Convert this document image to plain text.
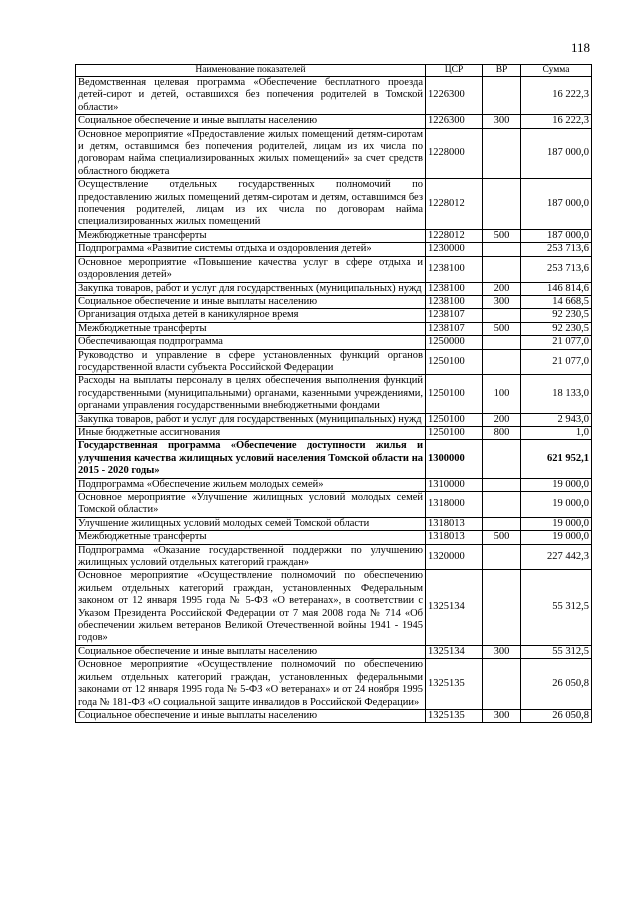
118
Наименование показателей	ЦСР	ВР	Сумма
Ведомственная целевая программа «Обеспечение бесплатного проезда детей-сирот и детей, оставшихся без попечения родителей в Томской области»	1226300		16 222,3
Социальное обеспечение и иные выплаты населению	1226300	300	16 222,3
Основное мероприятие «Предоставление жилых помещений детям-сиротам и детям, оставшимся без попечения родителей, лицам из их числа по договорам найма специализированных жилых помещений» за счет средств областного бюджета	1228000		187 000,0
Осуществление отдельных государственных полномочий по предоставлению жилых помещений детям-сиротам и детям, оставшимся без попечения родителей, лицам из их числа по договорам найма специализированных жилых помещений	1228012		187 000,0
Межбюджетные трансферты	1228012	500	187 000,0
Подпрограмма «Развитие системы отдыха и оздоровления детей»	1230000		253 713,6
Основное мероприятие «Повышение качества услуг в сфере отдыха и оздоровления детей»	1238100		253 713,6
Закупка товаров, работ и услуг для государственных (муниципальных) нужд	1238100	200	146 814,6
Социальное обеспечение и иные выплаты населению	1238100	300	14 668,5
Организация отдыха детей в каникулярное время	1238107		92 230,5
Межбюджетные трансферты	1238107	500	92 230,5
Обеспечивающая подпрограмма	1250000		21 077,0
Руководство и управление в сфере установленных функций органов государственной власти субъекта Российской Федерации	1250100		21 077,0
Расходы на выплаты персоналу в целях обеспечения выполнения функций государственными (муниципальными) органами, казенными учреждениями, органами управления государственными внебюджетными фондами	1250100	100	18 133,0
Закупка товаров, работ и услуг для государственных (муниципальных) нужд	1250100	200	2 943,0
Иные бюджетные ассигнования	1250100	800	1,0
Государственная программа «Обеспечение доступности жилья и улучшения качества жилищных условий населения Томской области на 2015 - 2020 годы»	1300000		621 952,1
Подпрограмма «Обеспечение жильем молодых семей»	1310000		19 000,0
Основное мероприятие «Улучшение жилищных условий молодых семей Томской области»	1318000		19 000,0
Улучшение жилищных условий молодых семей Томской области	1318013		19 000,0
Межбюджетные трансферты	1318013	500	19 000,0
Подпрограмма «Оказание государственной поддержки по улучшению жилищных условий отдельных категорий граждан»	1320000		227 442,3
Основное мероприятие «Осуществление полномочий по обеспечению жильем отдельных категорий граждан, установленных Федеральным законом от 12 января 1995 года № 5-ФЗ «О ветеранах», в соответствии с Указом Президента Российской Федерации от 7 мая 2008 года № 714 «Об обеспечении жильем ветеранов Великой Отечественной войны 1941 - 1945 годов»	1325134		55 312,5
Социальное обеспечение и иные выплаты населению	1325134	300	55 312,5
Основное мероприятие «Осуществление полномочий по обеспечению жильем отдельных категорий граждан, установленных федеральными законами от 12 января 1995 года № 5-ФЗ «О ветеранах» и от 24 ноября 1995 года № 181-ФЗ «О социальной защите инвалидов в Российской Федерации»	1325135		26 050,8
Социальное обеспечение и иные выплаты населению	1325135	300	26 050,8
